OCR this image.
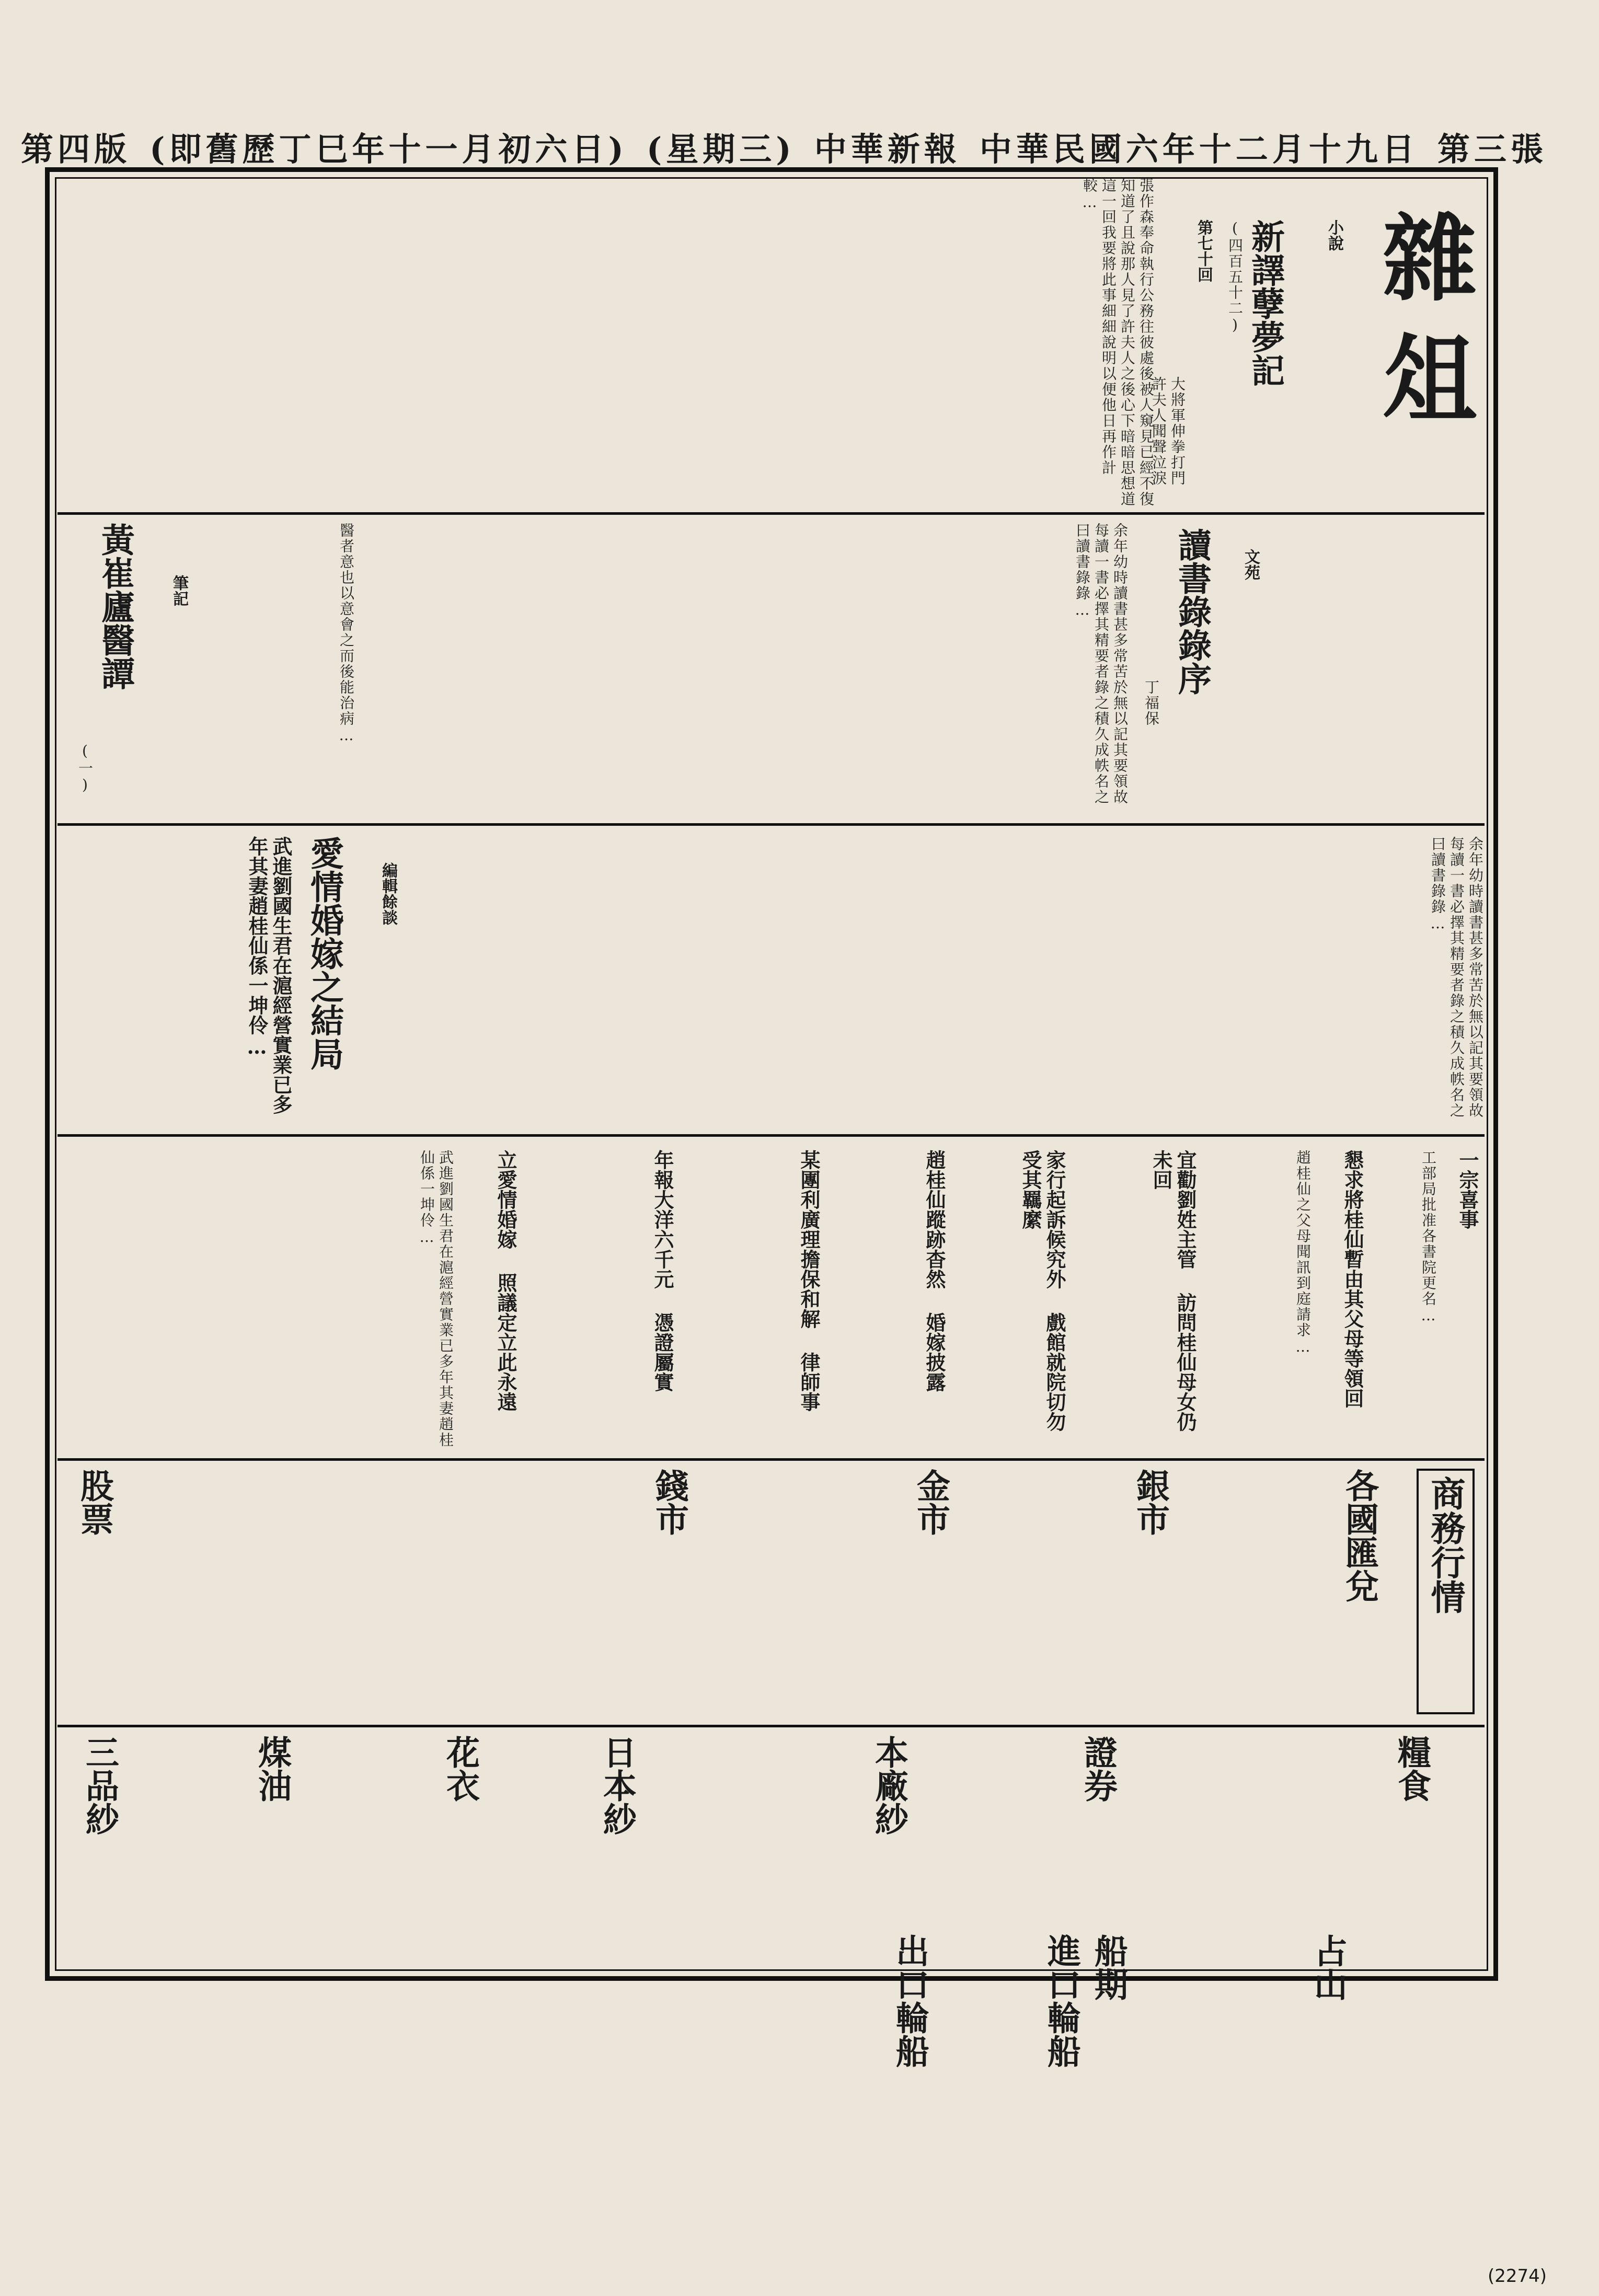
第四版 (即舊歷丁巳年十一月初六日) (星期三) 中華新報 中華民國六年十二月十九日 第三張
雜俎
小說
新譯孽夢記
(四百五十二)
第七十回
大將軍伸拳打門 許夫人聞聲泣淚
張作森奉命執行公務往彼處後被人窺見已經不復知道了且說那人見了許夫人之後心下暗暗思想道這一回我要將此事細細說明以便他日再作計較…
文苑
讀書錄錄序
丁福保
余年幼時讀書甚多常苦於無以記其要領故每讀一書必擇其精要者錄之積久成帙名之曰讀書錄錄…
筆記
黃崔廬醫譚
(一)
醫者意也以意會之而後能治病…
余年幼時讀書甚多常苦於無以記其要領故每讀一書必擇其精要者錄之積久成帙名之曰讀書錄錄…
編輯餘談
愛情婚嫁之結局
武進劉國生君在滬經營實業已多年其妻趙桂仙係一坤伶…
一宗喜事
工部局批准各書院更名…
懇求將桂仙暫由其父母等領回
趙桂仙之父母聞訊到庭請求…
宜勸劉姓主管 訪問桂仙母女仍未回
家行起訴候究外 戲館就院切勿受其羈縻
趙桂仙蹤跡杳然 婚嫁披露
某團利廣理擔保和解 律師事
年報大洋六千元 憑證屬實
立愛情婚嫁 照議定立此永遠
武進劉國生君在滬經營實業已多年其妻趙桂仙係一坤伶…
商務行情
各國匯兌
銀市
金市
錢市
股票
糧食
證券
本廠紗
日本紗
花衣
煤油
三品紗
占山
船期
進口輪船
出口輪船
(2274)
